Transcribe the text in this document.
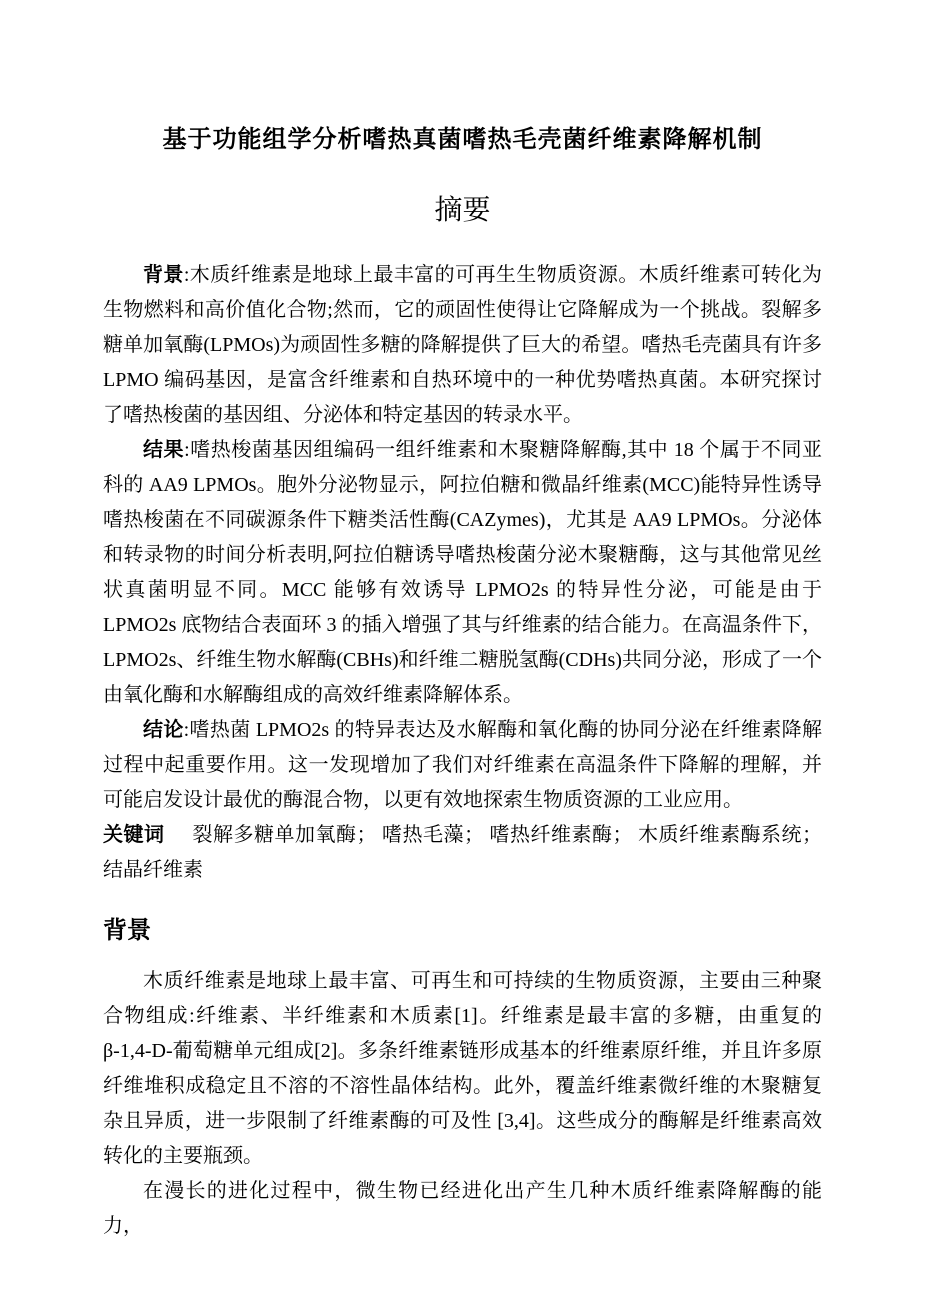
基于功能组学分析嗜热真菌嗜热毛壳菌纤维素降解机制
摘要

背景:木质纤维素是地球上最丰富的可再生生物质资源。木质纤维素可转化为生物燃料和高价值化合物;然而，它的顽固性使得让它降解成为一个挑战。裂解多糖单加氧酶(LPMOs)为顽固性多糖的降解提供了巨大的希望。嗜热毛壳菌具有许多 LPMO 编码基因，是富含纤维素和自热环境中的一种优势嗜热真菌。本研究探讨了嗜热梭菌的基因组、分泌体和特定基因的转录水平。

结果:嗜热梭菌基因组编码一组纤维素和木聚糖降解酶,其中 18 个属于不同亚科的 AA9 LPMOs。胞外分泌物显示，阿拉伯糖和微晶纤维素(MCC)能特异性诱导嗜热梭菌在不同碳源条件下糖类活性酶(CAZymes)，尤其是 AA9 LPMOs。分泌体和转录物的时间分析表明,阿拉伯糖诱导嗜热梭菌分泌木聚糖酶，这与其他常见丝状真菌明显不同。MCC 能够有效诱导 LPMO2s 的特异性分泌，可能是由于 LPMO2s 底物结合表面环 3 的插入增强了其与纤维素的结合能力。在高温条件下，LPMO2s、纤维生物水解酶(CBHs)和纤维二糖脱氢酶(CDHs)共同分泌，形成了一个由氧化酶和水解酶组成的高效纤维素降解体系。

结论:嗜热菌 LPMO2s 的特异表达及水解酶和氧化酶的协同分泌在纤维素降解过程中起重要作用。这一发现增加了我们对纤维素在高温条件下降解的理解，并可能启发设计最优的酶混合物，以更有效地探索生物质资源的工业应用。

关键词 裂解多糖单加氧酶； 嗜热毛藻； 嗜热纤维素酶； 木质纤维素酶系统； 结晶纤维素

背景

木质纤维素是地球上最丰富、可再生和可持续的生物质资源，主要由三种聚合物组成:纤维素、半纤维素和木质素[1]。纤维素是最丰富的多糖，由重复的 β-1,4-D-葡萄糖单元组成[2]。多条纤维素链形成基本的纤维素原纤维，并且许多原纤维堆积成稳定且不溶的不溶性晶体结构。此外，覆盖纤维素微纤维的木聚糖复杂且异质，进一步限制了纤维素酶的可及性 [3,4]。这些成分的酶解是纤维素高效转化的主要瓶颈。

在漫长的进化过程中，微生物已经进化出产生几种木质纤维素降解酶的能力，
